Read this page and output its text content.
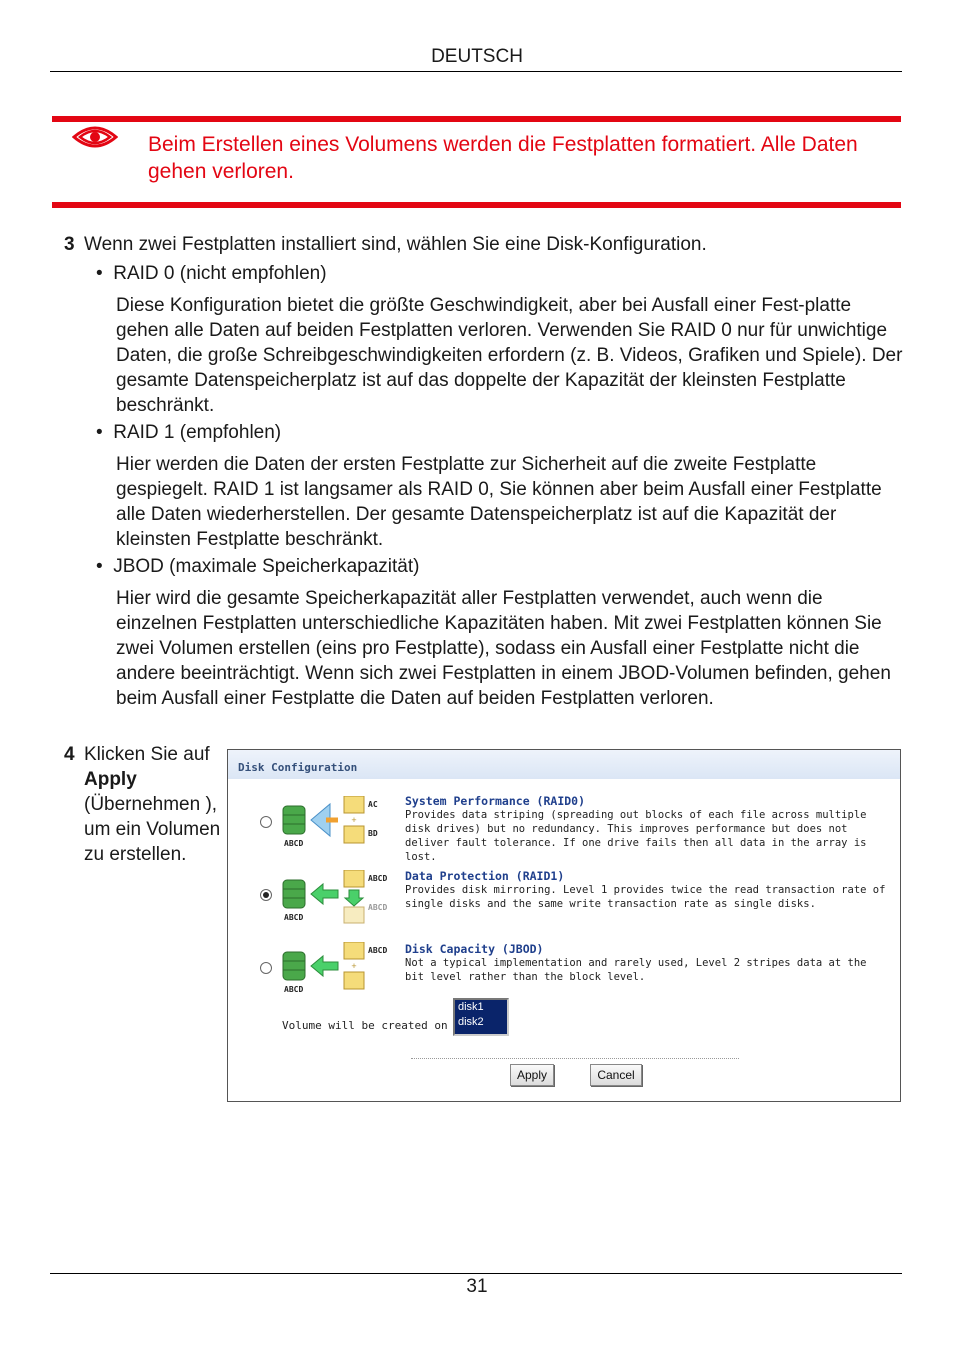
DEUTSCH
Beim Erstellen eines Volumens werden die Festplatten formatiert. Alle Daten gehen verloren.
3 Wenn zwei Festplatten installiert sind, wählen Sie eine Disk-Konfiguration.
•  RAID 0 (nicht empfohlen)
Diese Konfiguration bietet die größte Geschwindigkeit, aber bei Ausfall einer Fest-platte gehen alle Daten auf beiden Festplatten verloren. Verwenden Sie RAID 0 nur für unwichtige Daten, die große Schreibgeschwindigkeiten erfordern (z. B. Videos, Grafiken und Spiele). Der gesamte Datenspeicherplatz ist auf das doppelte der Kapazität der kleinsten Festplatte beschränkt.
•  RAID 1 (empfohlen)
Hier werden die Daten der ersten Festplatte zur Sicherheit auf die zweite Festplatte gespiegelt. RAID 1 ist langsamer als RAID 0, Sie können aber beim Ausfall einer Festplatte alle Daten wiederherstellen. Der gesamte Datenspeicherplatz ist auf die Kapazität der kleinsten Festplatte beschränkt.
•  JBOD (maximale Speicherkapazität)
Hier wird die gesamte Speicherkapazität aller Festplatten verwendet, auch wenn die einzelnen Festplatten unterschiedliche Kapazitäten haben. Mit zwei Festplatten können Sie zwei Volumen erstellen (eins pro Festplatte), sodass ein Ausfall einer Festplatte nicht die andere beeinträchtigt. Wenn sich zwei Festplatten in einem JBOD-Volumen befinden, gehen beim Ausfall einer Festplatte die Daten auf beiden Festplatten verloren.
4 Klicken Sie auf Apply (Übernehmen ), um ein Volumen zu erstellen.
Disk Configuration
+
AC
BD
ABCD
System Performance (RAID0)
Provides data striping (spreading out blocks of each file across multiple disk drives) but no redundancy. This improves performance but does not deliver fault tolerance. If one drive fails then all data in the array is lost.
ABCD
ABCD
ABCD
Data Protection (RAID1)
Provides disk mirroring. Level 1 provides twice the read transaction rate of single disks and the same write transaction rate as single disks.
+
ABCD
ABCD
Disk Capacity (JBOD)
Not a typical implementation and rarely used, Level 2 stripes data at the bit level rather than the block level.
Volume will be created on
disk1
disk2
Apply	Cancel
31
